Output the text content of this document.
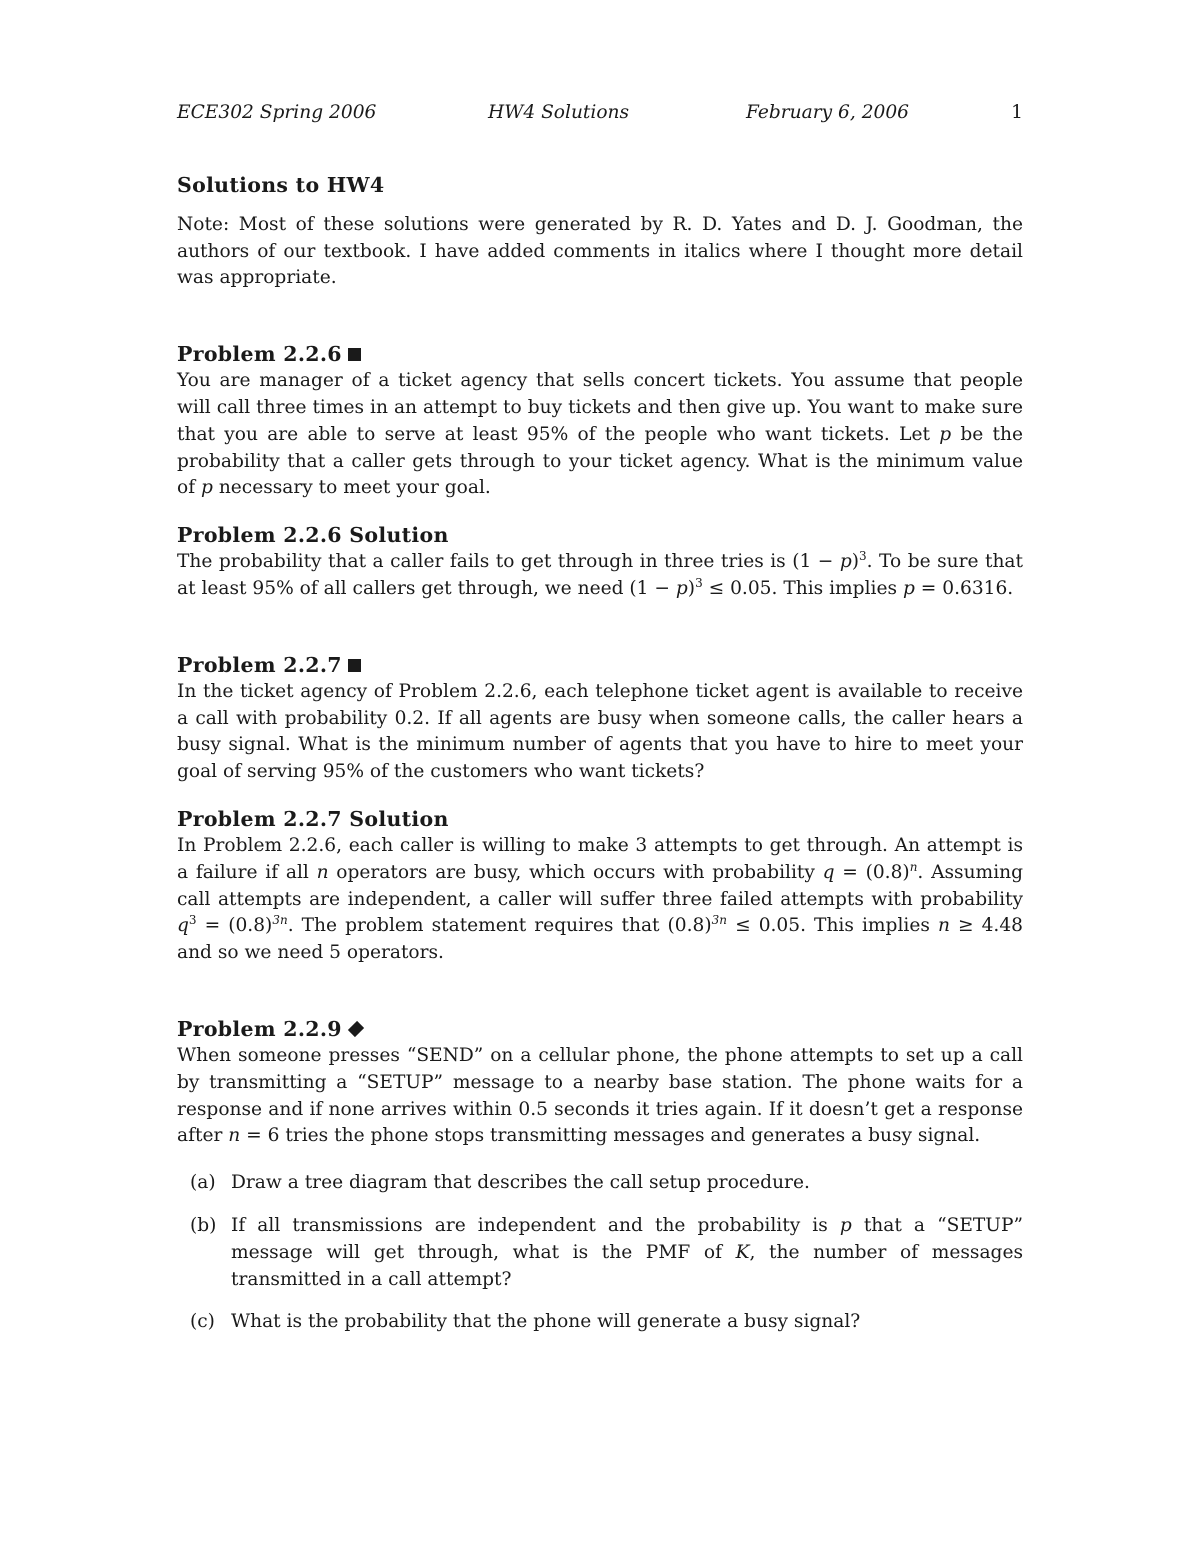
ECE302 Spring 2006	HW4 Solutions	February 6, 2006	1
Solutions to HW4

Note: Most of these solutions were generated by R. D. Yates and D. J. Goodman, the authors of our textbook. I have added comments in italics where I thought more detail was appropriate.

Problem 2.2.6

You are manager of a ticket agency that sells concert tickets. You assume that people will call three times in an attempt to buy tickets and then give up. You want to make sure that you are able to serve at least 95% of the people who want tickets. Let p be the probability that a caller gets through to your ticket agency. What is the minimum value of p necessary to meet your goal.

Problem 2.2.6 Solution

The probability that a caller fails to get through in three tries is $(1 - p)^3$. To be sure that at least 95% of all callers get through, we need $(1 - p)^3 \le 0.05$. This implies p = 0.6316.

Problem 2.2.7

In the ticket agency of Problem 2.2.6, each telephone ticket agent is available to receive a call with probability 0.2. If all agents are busy when someone calls, the caller hears a busy signal. What is the minimum number of agents that you have to hire to meet your goal of serving 95% of the customers who want tickets?

Problem 2.2.7 Solution

In Problem 2.2.6, each caller is willing to make 3 attempts to get through. An attempt is a failure if all n operators are busy, which occurs with probability $q = (0.8)^n$. Assuming call attempts are independent, a caller will suffer three failed attempts with probability $q^3 = (0.8)^{3n}$. The problem statement requires that $(0.8)^{3n} \le 0.05$. This implies n ≥ 4.48 and so we need 5 operators.

Problem 2.2.9

When someone presses “SEND” on a cellular phone, the phone attempts to set up a call by transmitting a “SETUP” message to a nearby base station. The phone waits for a response and if none arrives within 0.5 seconds it tries again. If it doesn’t get a response after n = 6 tries the phone stops transmitting messages and generates a busy signal.

(a) Draw a tree diagram that describes the call setup procedure.
(b) If all transmissions are independent and the probability is p that a “SETUP” message will get through, what is the PMF of K, the number of messages transmitted in a call attempt?
(c) What is the probability that the phone will generate a busy signal?
